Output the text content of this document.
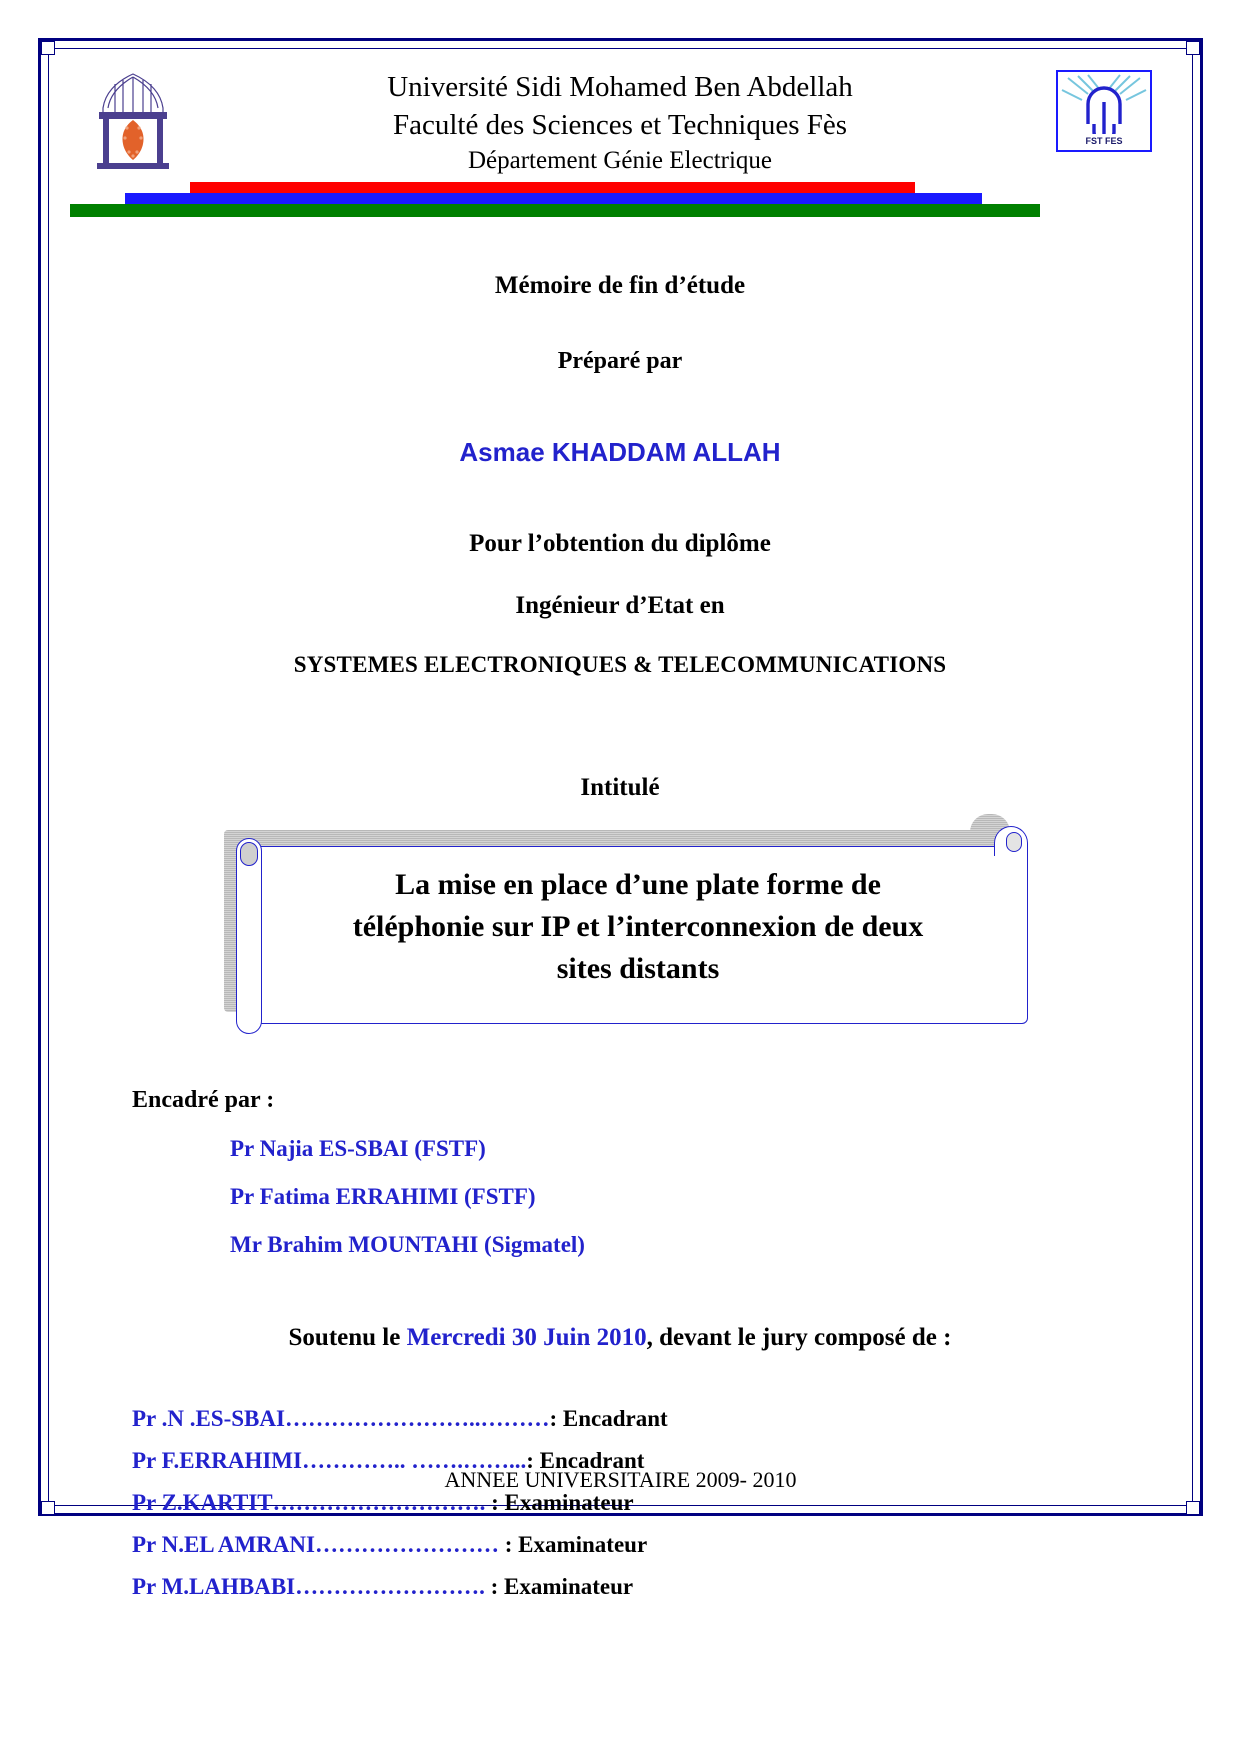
Université Sidi Mohamed Ben Abdellah
Faculté des Sciences et Techniques Fès
Département Génie Electrique
FST FES
Mémoire de fin d’étude
Préparé par
Asmae KHADDAM ALLAH
Pour l’obtention du diplôme
Ingénieur d’Etat en
SYSTEMES ELECTRONIQUES & TELECOMMUNICATIONS
Intitulé
La mise en place d’une plate forme de
téléphonie sur IP et l’interconnexion de deux
sites distants
Encadré par :
Pr Najia ES-SBAI (FSTF)
Pr Fatima ERRAHIMI (FSTF)
Mr Brahim MOUNTAHI (Sigmatel)
Soutenu le Mercredi 30 Juin 2010, devant le jury composé de :
Pr .N .ES-SBAI……………………..………: Encadrant
Pr F.ERRAHIMI………….. …….……...: Encadrant
Pr Z.KARTIT………………………. : Examinateur
Pr N.EL AMRANI…………………… : Examinateur
Pr M.LAHBABI……………………. : Examinateur
ANNEE UNIVERSITAIRE 2009- 2010
